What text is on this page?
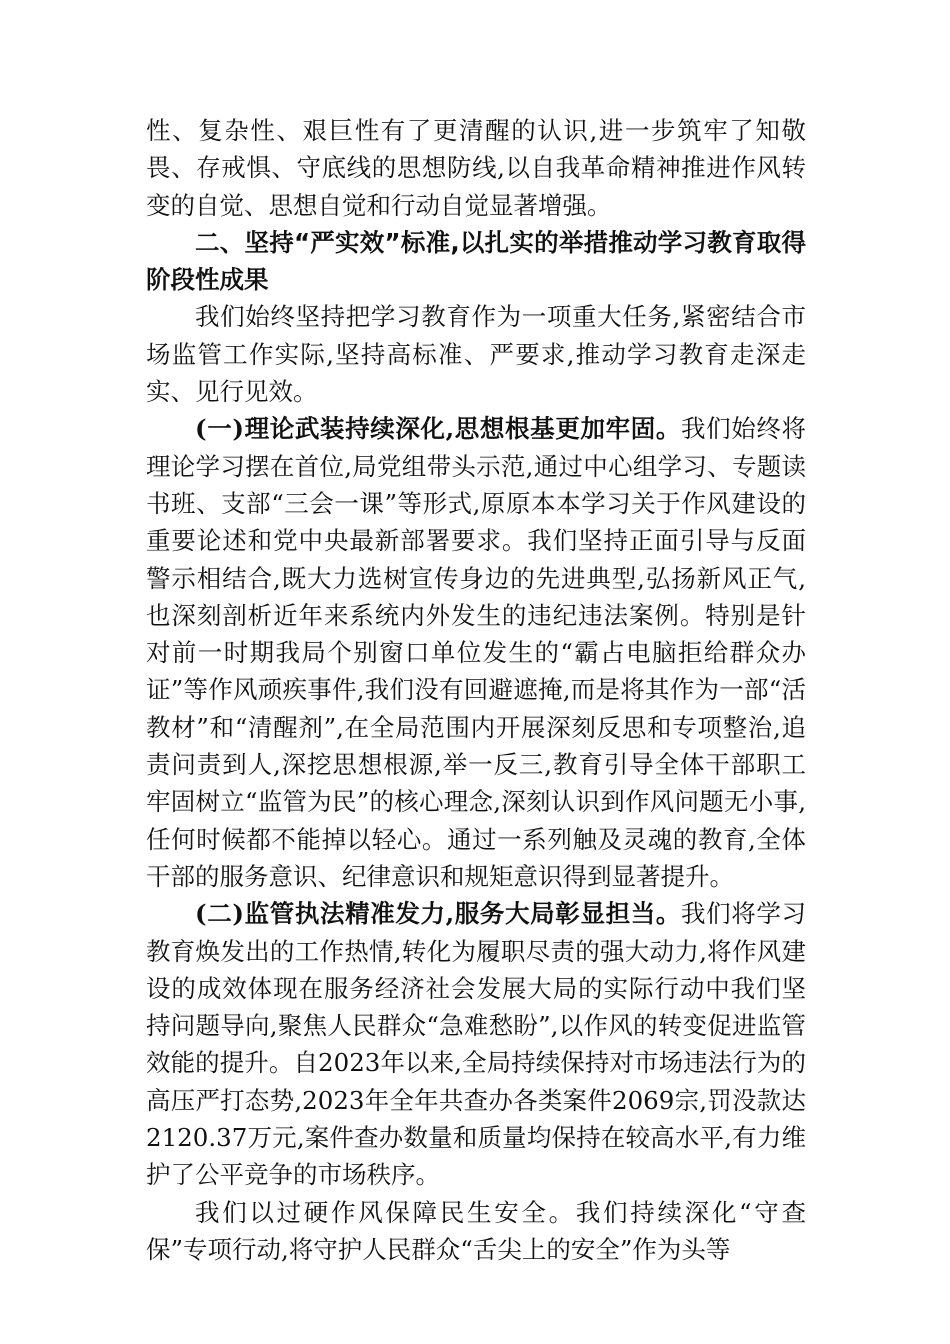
性、复杂性、艰巨性有了更清醒的认识,进一步筑牢了知敬畏、存戒惧、守底线的思想防线,以自我革命精神推进作风转变的自觉、思想自觉和行动自觉显著增强。

二、坚持“严实效”标准,以扎实的举措推动学习教育取得阶段性成果

我们始终坚持把学习教育作为一项重大任务,紧密结合市场监管工作实际,坚持高标准、严要求,推动学习教育走深走实、见行见效。

(一)理论武装持续深化,思想根基更加牢固。我们始终将理论学习摆在首位,局党组带头示范,通过中心组学习、专题读书班、支部“三会一课”等形式,原原本本学习关于作风建设的重要论述和党中央最新部署要求。我们坚持正面引导与反面警示相结合,既大力选树宣传身边的先进典型,弘扬新风正气,也深刻剖析近年来系统内外发生的违纪违法案例。特别是针对前一时期我局个别窗口单位发生的“霸占电脑拒给群众办证”等作风顽疾事件,我们没有回避遮掩,而是将其作为一部“活教材”和“清醒剂”,在全局范围内开展深刻反思和专项整治,追责问责到人,深挖思想根源,举一反三,教育引导全体干部职工牢固树立“监管为民”的核心理念,深刻认识到作风问题无小事,任何时候都不能掉以轻心。通过一系列触及灵魂的教育,全体干部的服务意识、纪律意识和规矩意识得到显著提升。

(二)监管执法精准发力,服务大局彰显担当。我们将学习教育焕发出的工作热情,转化为履职尽责的强大动力,将作风建设的成效体现在服务经济社会发展大局的实际行动中我们坚持问题导向,聚焦人民群众“急难愁盼”,以作风的转变促进监管效能的提升。自2023年以来,全局持续保持对市场违法行为的高压严打态势,2023年全年共查办各类案件2069宗,罚没款达2120.37万元,案件查办数量和质量均保持在较高水平,有力维护了公平竞争的市场秩序。

我们以过硬作风保障民生安全。我们持续深化“守查保”专项行动,将守护人民群众“舌尖上的安全”作为头等
